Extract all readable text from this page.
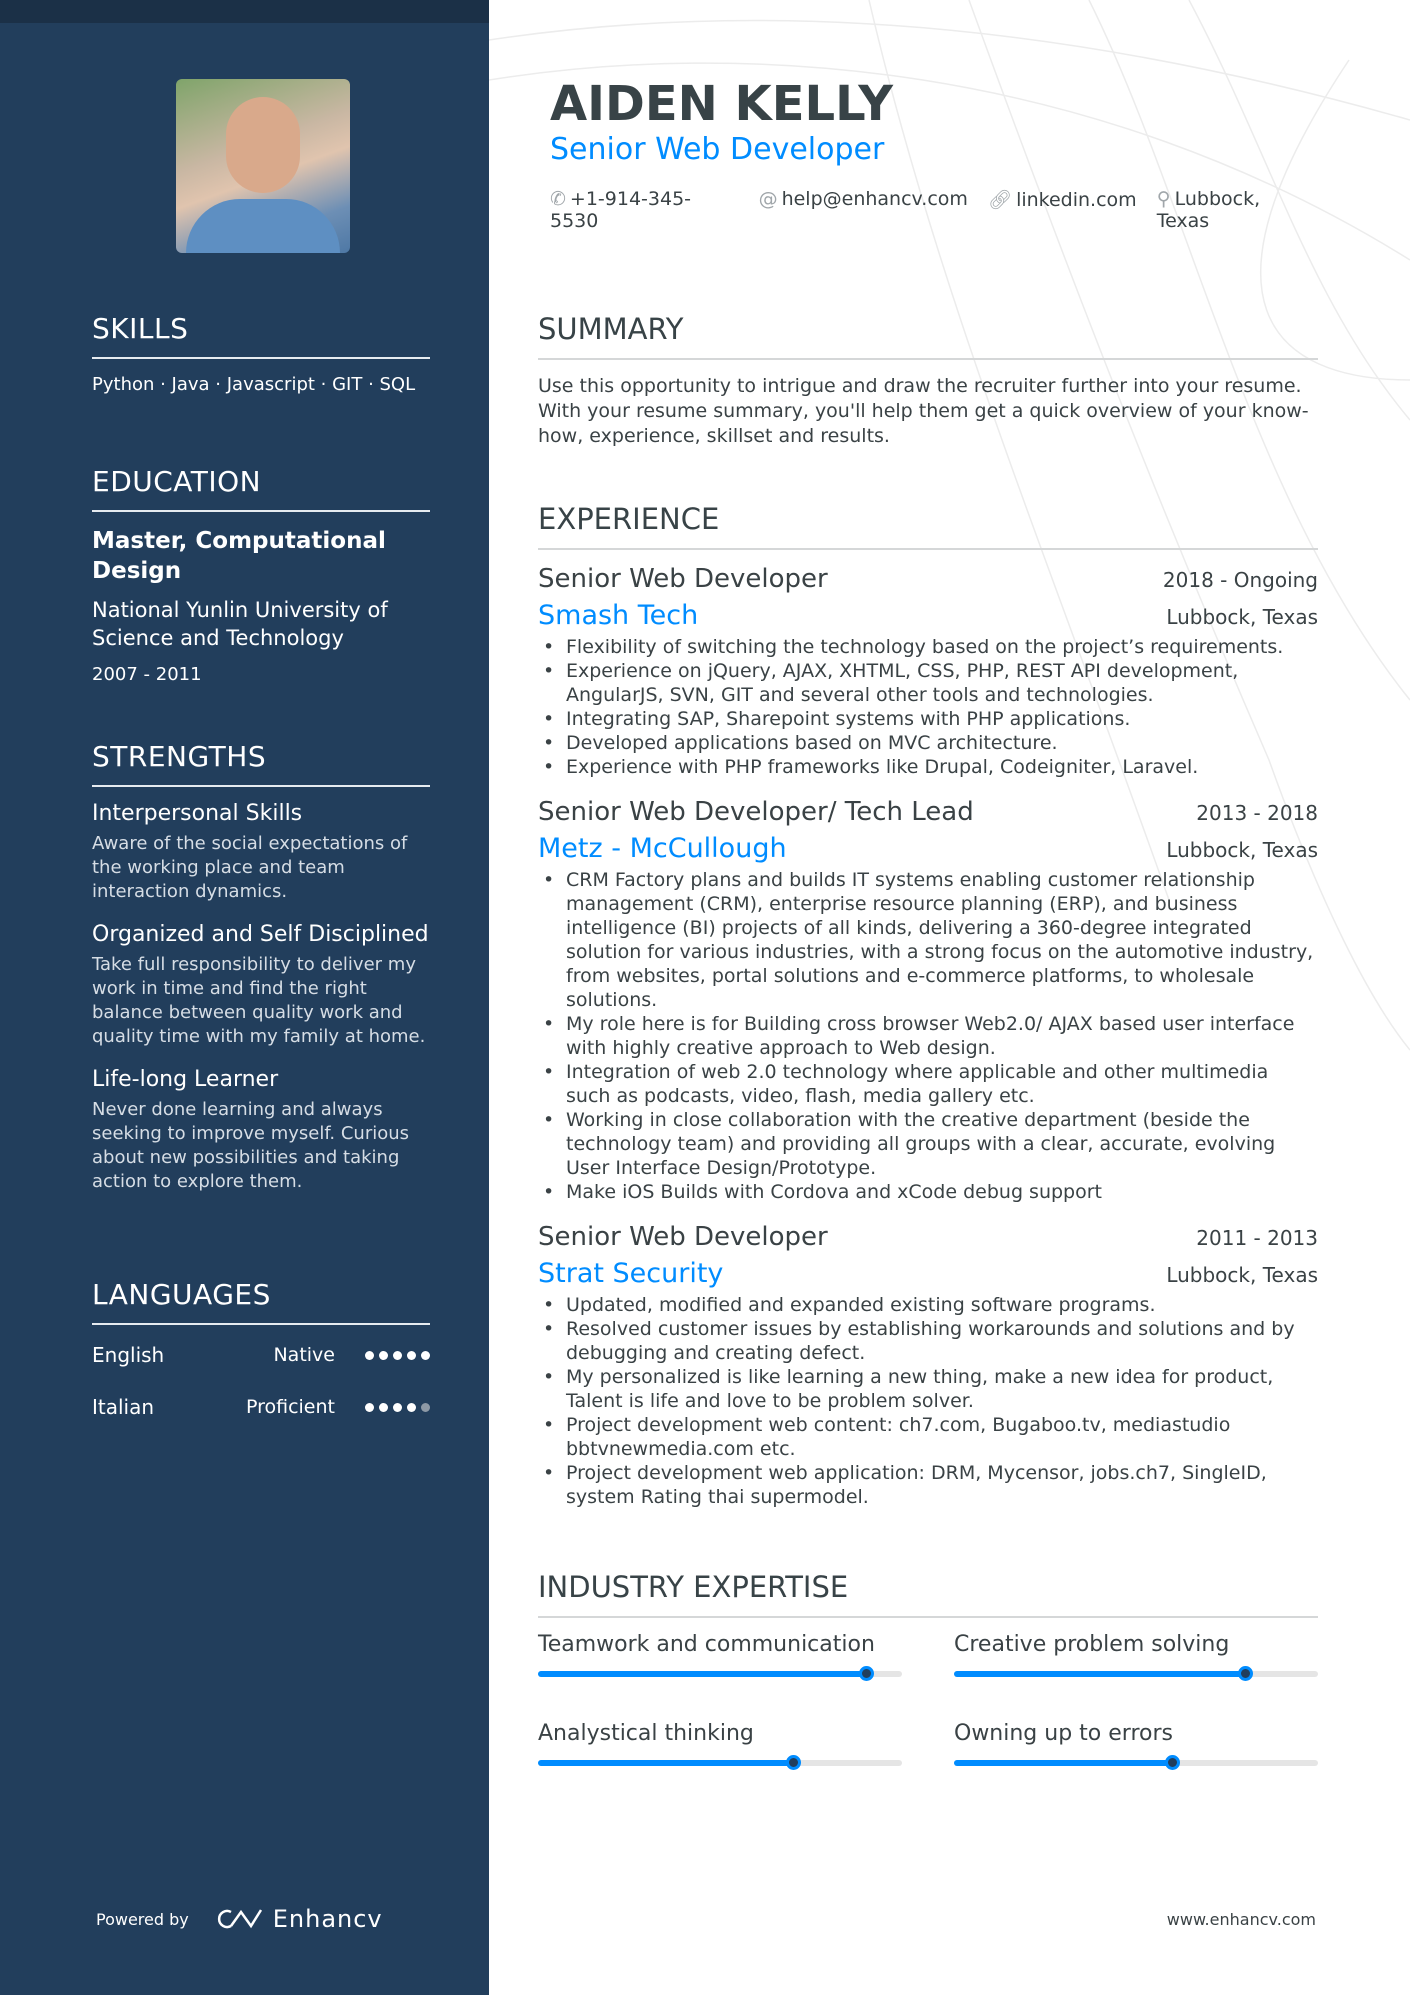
SKILLS
Python · Java · Javascript · GIT · SQL
EDUCATION
Master, Computational Design
National Yunlin University of Science and Technology
2007 - 2011
STRENGTHS
Interpersonal Skills
Aware of the social expectations of the working place and team interaction dynamics.
Organized and Self Disciplined
Take full responsibility to deliver my work in time and find the right balance between quality work and quality time with my family at home.
Life-long Learner
Never done learning and always seeking to improve myself. Curious about new possibilities and taking action to explore them.
LANGUAGES
English	Native
Italian	Proficient
Powered by	Enhancv
AIDEN KELLY
Senior Web Developer
✆ +1-914-345-5530
@ help@enhancv.com 🔗︎ linkedin.com ⚲ Lubbock, Texas
SUMMARY
Use this opportunity to intrigue and draw the recruiter further into your resume. With your resume summary, you'll help them get a quick overview of your know-how, experience, skillset and results.
EXPERIENCE
Senior Web Developer	2018 - Ongoing
Smash Tech	Lubbock, Texas
• Flexibility of switching the technology based on the project’s requirements.
• Experience on jQuery, AJAX, XHTML, CSS, PHP, REST API development, AngularJS, SVN, GIT and several other tools and technologies.
• Integrating SAP, Sharepoint systems with PHP applications.
• Developed applications based on MVC architecture.
• Experience with PHP frameworks like Drupal, Codeigniter, Laravel.
Senior Web Developer/ Tech Lead	2013 - 2018
Metz - McCullough	Lubbock, Texas
• CRM Factory plans and builds IT systems enabling customer relationship management (CRM), enterprise resource planning (ERP), and business intelligence (BI) projects of all kinds, delivering a 360-degree integrated solution for various industries, with a strong focus on the automotive industry, from websites, portal solutions and e-commerce platforms, to wholesale solutions.
• My role here is for Building cross browser Web2.0/ AJAX based user interface with highly creative approach to Web design.
• Integration of web 2.0 technology where applicable and other multimedia such as podcasts, video, flash, media gallery etc.
• Working in close collaboration with the creative department (beside the technology team) and providing all groups with a clear, accurate, evolving User Interface Design/Prototype.
• Make iOS Builds with Cordova and xCode debug support
Senior Web Developer	2011 - 2013
Strat Security	Lubbock, Texas
• Updated, modified and expanded existing software programs.
• Resolved customer issues by establishing workarounds and solutions and by debugging and creating defect.
• My personalized is like learning a new thing, make a new idea for product, Talent is life and love to be problem solver.
• Project development web content: ch7.com, Bugaboo.tv, mediastudio bbtvnewmedia.com etc.
• Project development web application: DRM, Mycensor, jobs.ch7, SingleID, system Rating thai supermodel.
INDUSTRY EXPERTISE
Teamwork and communication	Creative problem solving
Analystical thinking	Owning up to errors
www.enhancv.com
